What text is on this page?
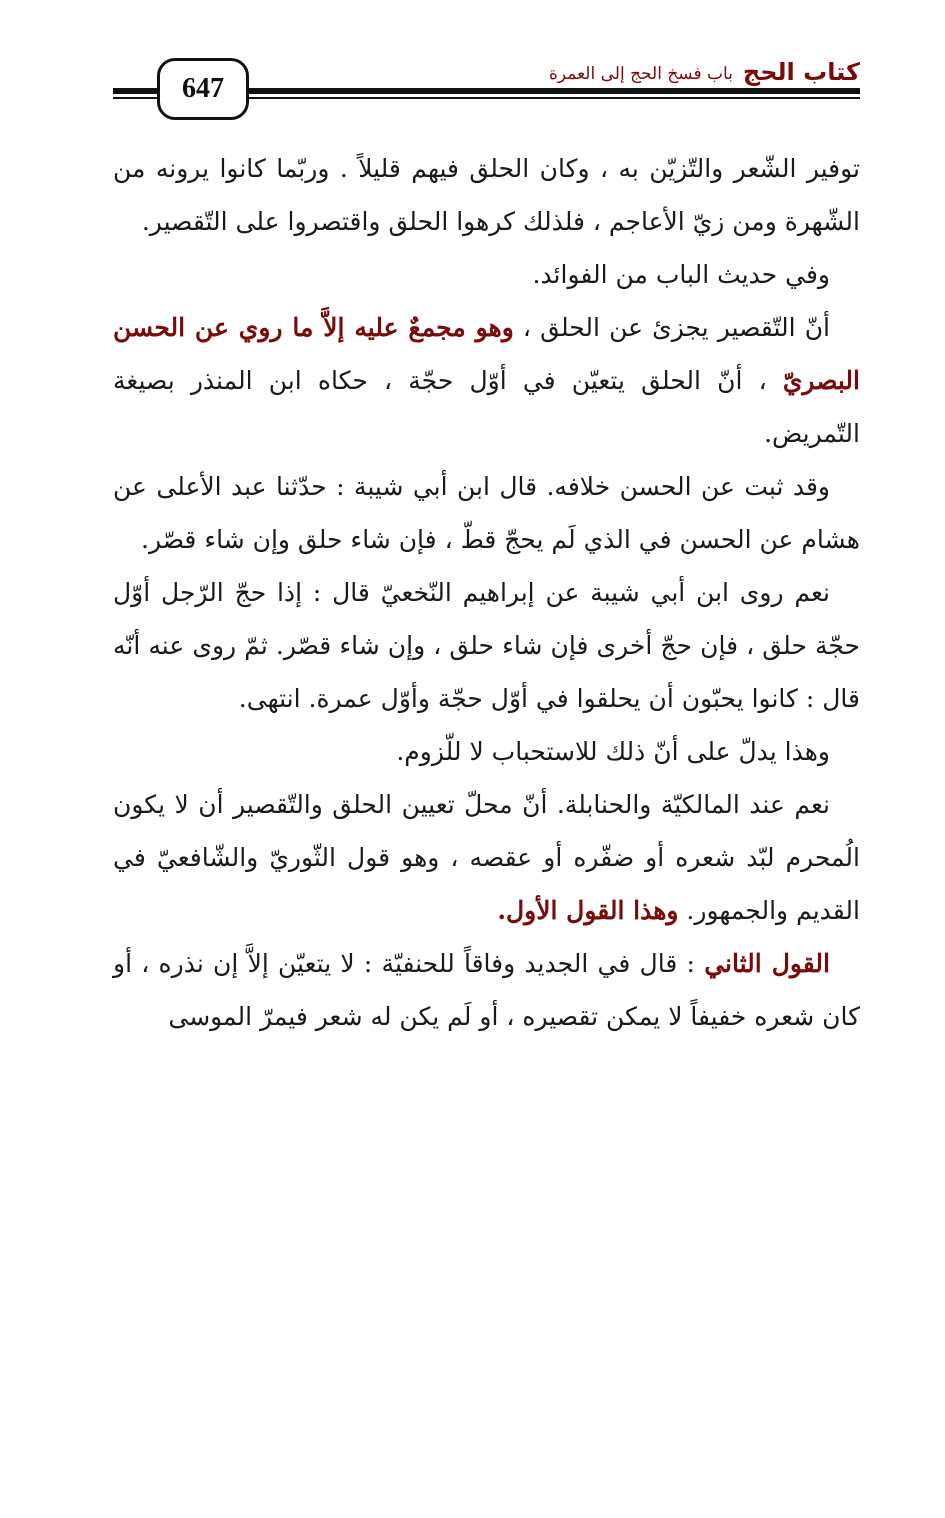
647
كتاب الحج
باب فسخ الحج إلى العمرة

توفير الشّعر والتّزيّن به ، وكان الحلق فيهم قليلاً . وربّما كانوا يرونه من الشّهرة ومن زيّ الأعاجم ، فلذلك كرهوا الحلق واقتصروا على التّقصير.

وفي حديث الباب من الفوائد.

أنّ التّقصير يجزئ عن الحلق ، وهو مجمعٌ عليه إلاَّ ما روي عن الحسن البصريّ ، أنّ الحلق يتعيّن في أوّل حجّة ، حكاه ابن المنذر بصيغة التّمريض.

وقد ثبت عن الحسن خلافه. قال ابن أبي شيبة : حدّثنا عبد الأعلى عن هشام عن الحسن في الذي لَم يحجّ قطّ ، فإن شاء حلق وإن شاء قصّر.

نعم روى ابن أبي شيبة عن إبراهيم النّخعيّ قال : إذا حجّ الرّجل أوّل حجّة حلق ، فإن حجّ أخرى فإن شاء حلق ، وإن شاء قصّر. ثمّ روى عنه أنّه قال : كانوا يحبّون أن يحلقوا في أوّل حجّة وأوّل عمرة. انتهى.

وهذا يدلّ على أنّ ذلك للاستحباب لا للّزوم.

نعم عند المالكيّة والحنابلة. أنّ محلّ تعيين الحلق والتّقصير أن لا يكون الُمحرم لبّد شعره أو ضفّره أو عقصه ، وهو قول الثّوريّ والشّافعيّ في القديم والجمهور. وهذا القول الأول.

القول الثاني : قال في الجديد وفاقاً للحنفيّة : لا يتعيّن إلاَّ إن نذره ، أو كان شعره خفيفاً لا يمكن تقصيره ، أو لَم يكن له شعر فيمرّ الموسى
